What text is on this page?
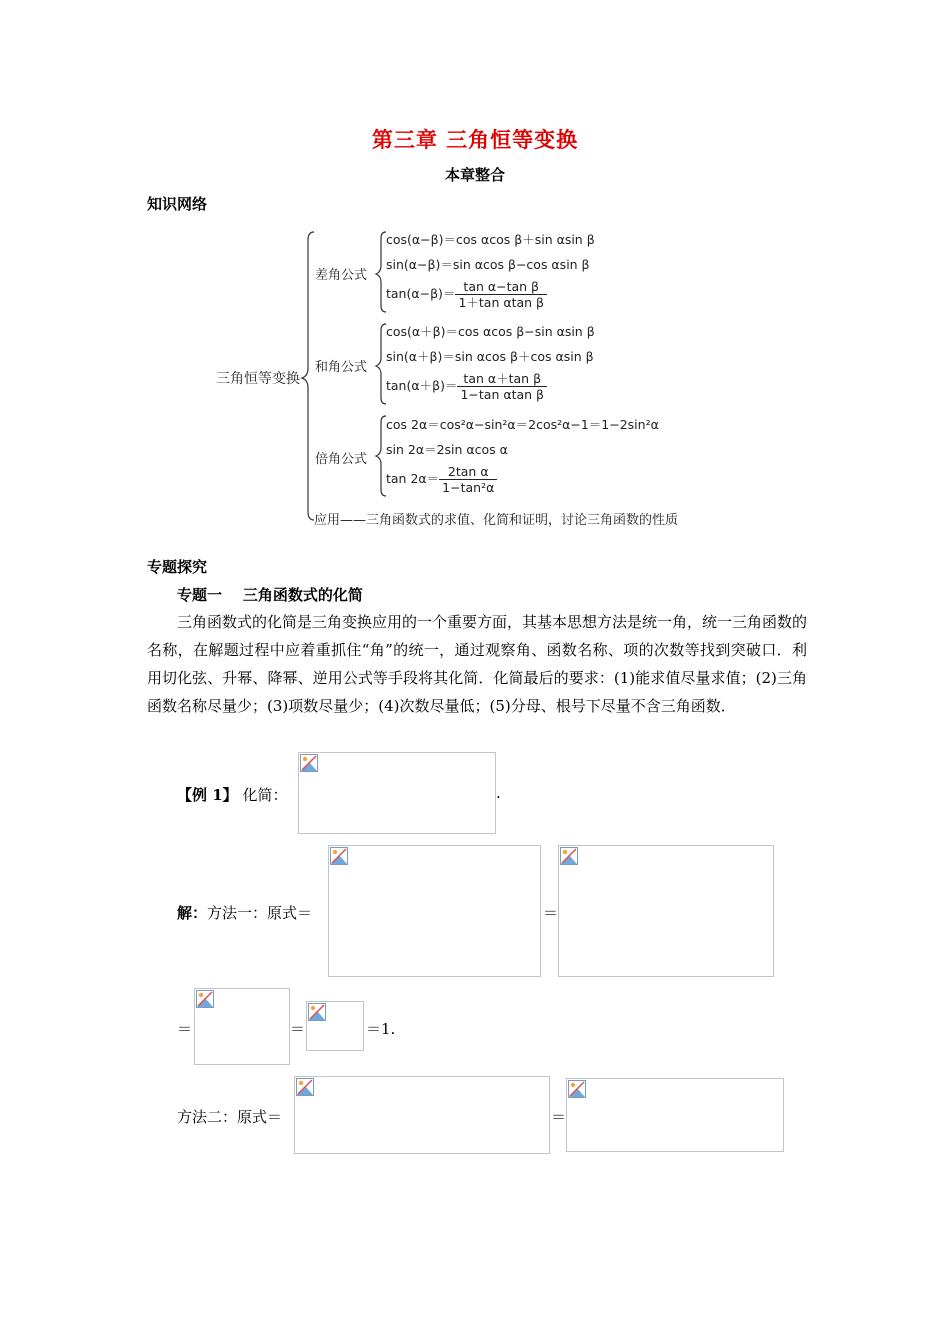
第三章 三角恒等变换
本章整合
知识网络
三角恒等变换
差角公式
cos(α−β)＝cos αcos β＋sin αsin β
sin(α−β)＝sin αcos β−cos αsin β
$\tan(\alpha-\beta)= \frac{\text{tan α−tan β}}{\text{1＋tan αtan β}}$
和角公式
cos(α＋β)＝cos αcos β−sin αsin β
sin(α＋β)＝sin αcos β＋cos αsin β
$\tan(\alpha+\beta)= \frac{\text{tan α＋tan β}}{\text{1−tan αtan β}}$
倍角公式
cos 2α＝cos²α−sin²α＝2cos²α−1＝1−2sin²α
sin 2α＝2sin αcos α
$\tan 2\alpha= \frac{\text{2tan α}}{\text{1−tan²α}}$
应用——三角函数式的求值、化简和证明，讨论三角函数的性质
专题探究
专题一    三角函数式的化简
三角函数式的化简是三角变换应用的一个重要方面，其基本思想方法是统一角，统一三角函数的名称，在解题过程中应着重抓住“角”的统一，通过观察角、函数名称、项的次数等找到突破口．利用切化弦、升幂、降幂、逆用公式等手段将其化简．化简最后的要求：(1)能求值尽量求值；(2)三角函数名称尽量少；(3)项数尽量少；(4)次数尽量低；(5)分母、根号下尽量不含三角函数．
【例 1】 化简：	.
解：方法一：原式＝	＝
＝	＝	＝1.
方法二：原式＝	＝
